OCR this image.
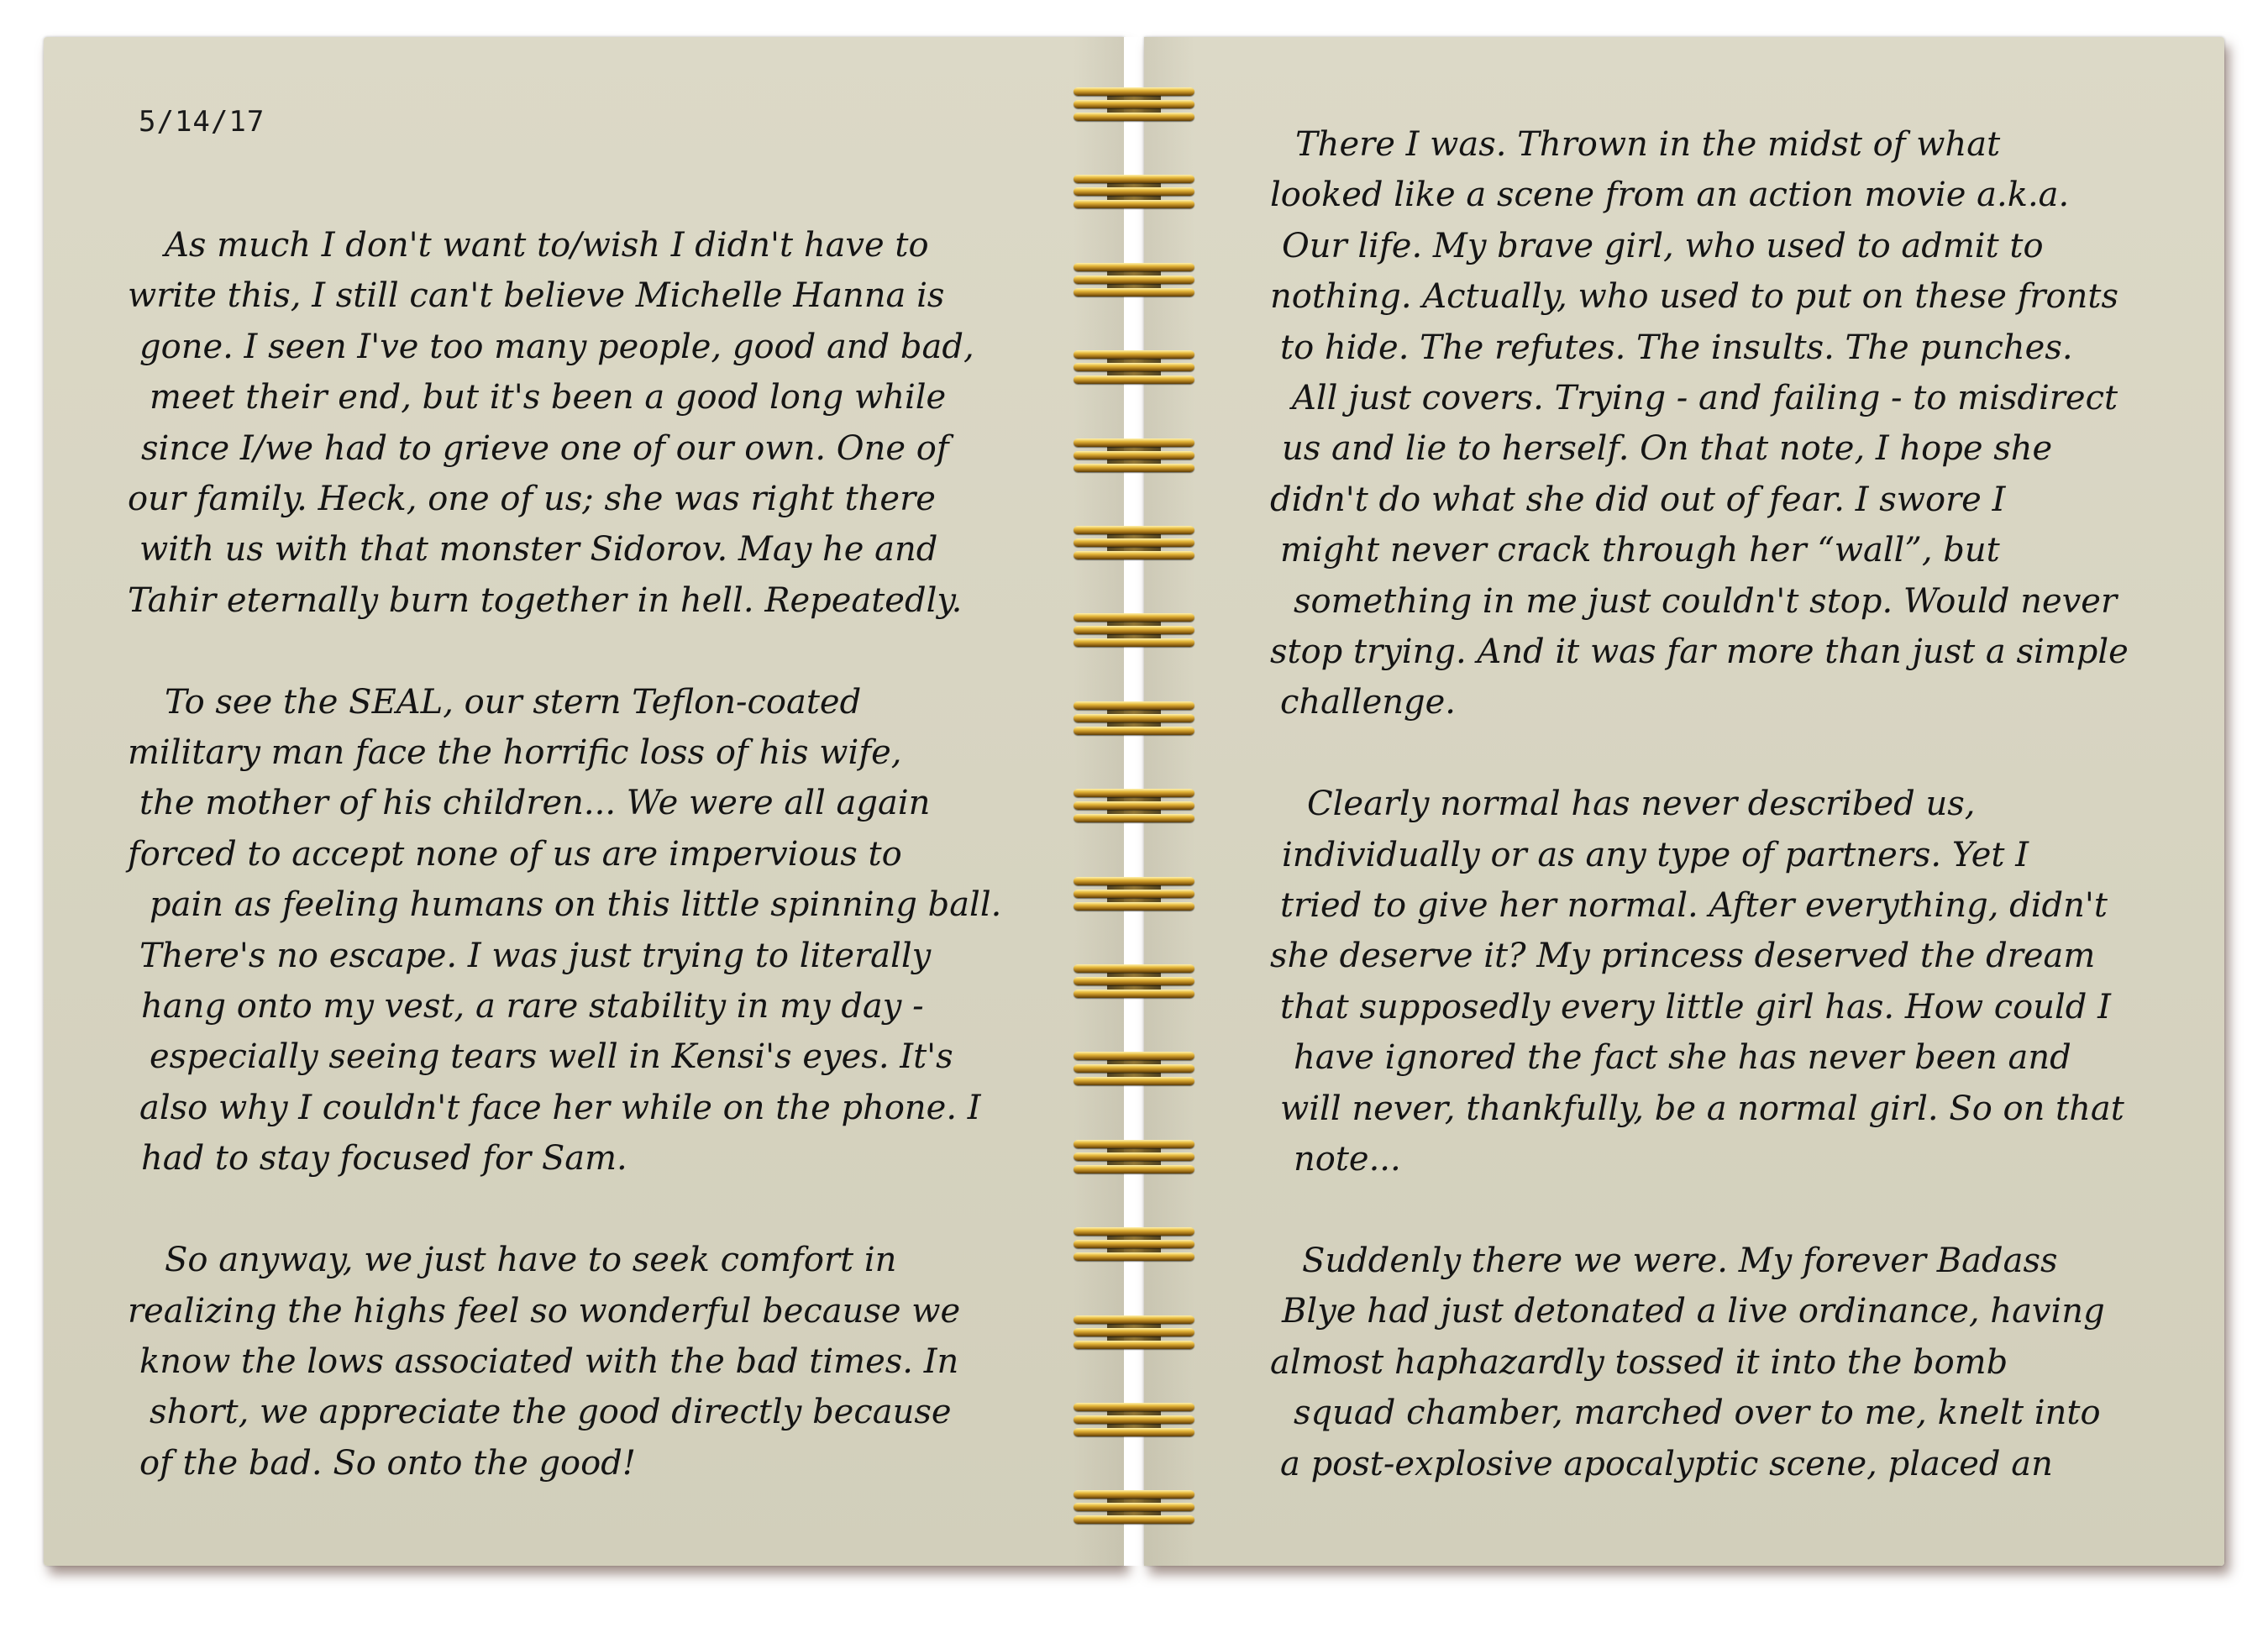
5/14/17
As much I don't want to/wish I didn't have to
write this, I still can't believe Michelle Hanna is
gone. I seen I've too many people, good and bad,
meet their end, but it's been a good long while
since I/we had to grieve one of our own. One of
our family. Heck, one of us; she was right there
with us with that monster Sidorov. May he and
Tahir eternally burn together in hell. Repeatedly.
To see the SEAL, our stern Teflon-coated
military man face the horrific loss of his wife,
the mother of his children... We were all again
forced to accept none of us are impervious to
pain as feeling humans on this little spinning ball.
There's no escape. I was just trying to literally
hang onto my vest, a rare stability in my day -
especially seeing tears well in Kensi's eyes. It's
also why I couldn't face her while on the phone. I
had to stay focused for Sam.
So anyway, we just have to seek comfort in
realizing the highs feel so wonderful because we
know the lows associated with the bad times. In
short, we appreciate the good directly because
of the bad. So onto the good!
There I was. Thrown in the midst of what
looked like a scene from an action movie a.k.a.
Our life. My brave girl, who used to admit to
nothing. Actually, who used to put on these fronts
to hide. The refutes. The insults. The punches.
All just covers. Trying - and failing - to misdirect
us and lie to herself. On that note, I hope she
didn't do what she did out of fear. I swore I
might never crack through her “wall”, but
something in me just couldn't stop. Would never
stop trying. And it was far more than just a simple
challenge.
Clearly normal has never described us,
individually or as any type of partners. Yet I
tried to give her normal. After everything, didn't
she deserve it? My princess deserved the dream
that supposedly every little girl has. How could I
have ignored the fact she has never been and
will never, thankfully, be a normal girl. So on that
note...
Suddenly there we were. My forever Badass
Blye had just detonated a live ordinance, having
almost haphazardly tossed it into the bomb
squad chamber, marched over to me, knelt into
a post-explosive apocalyptic scene, placed an
